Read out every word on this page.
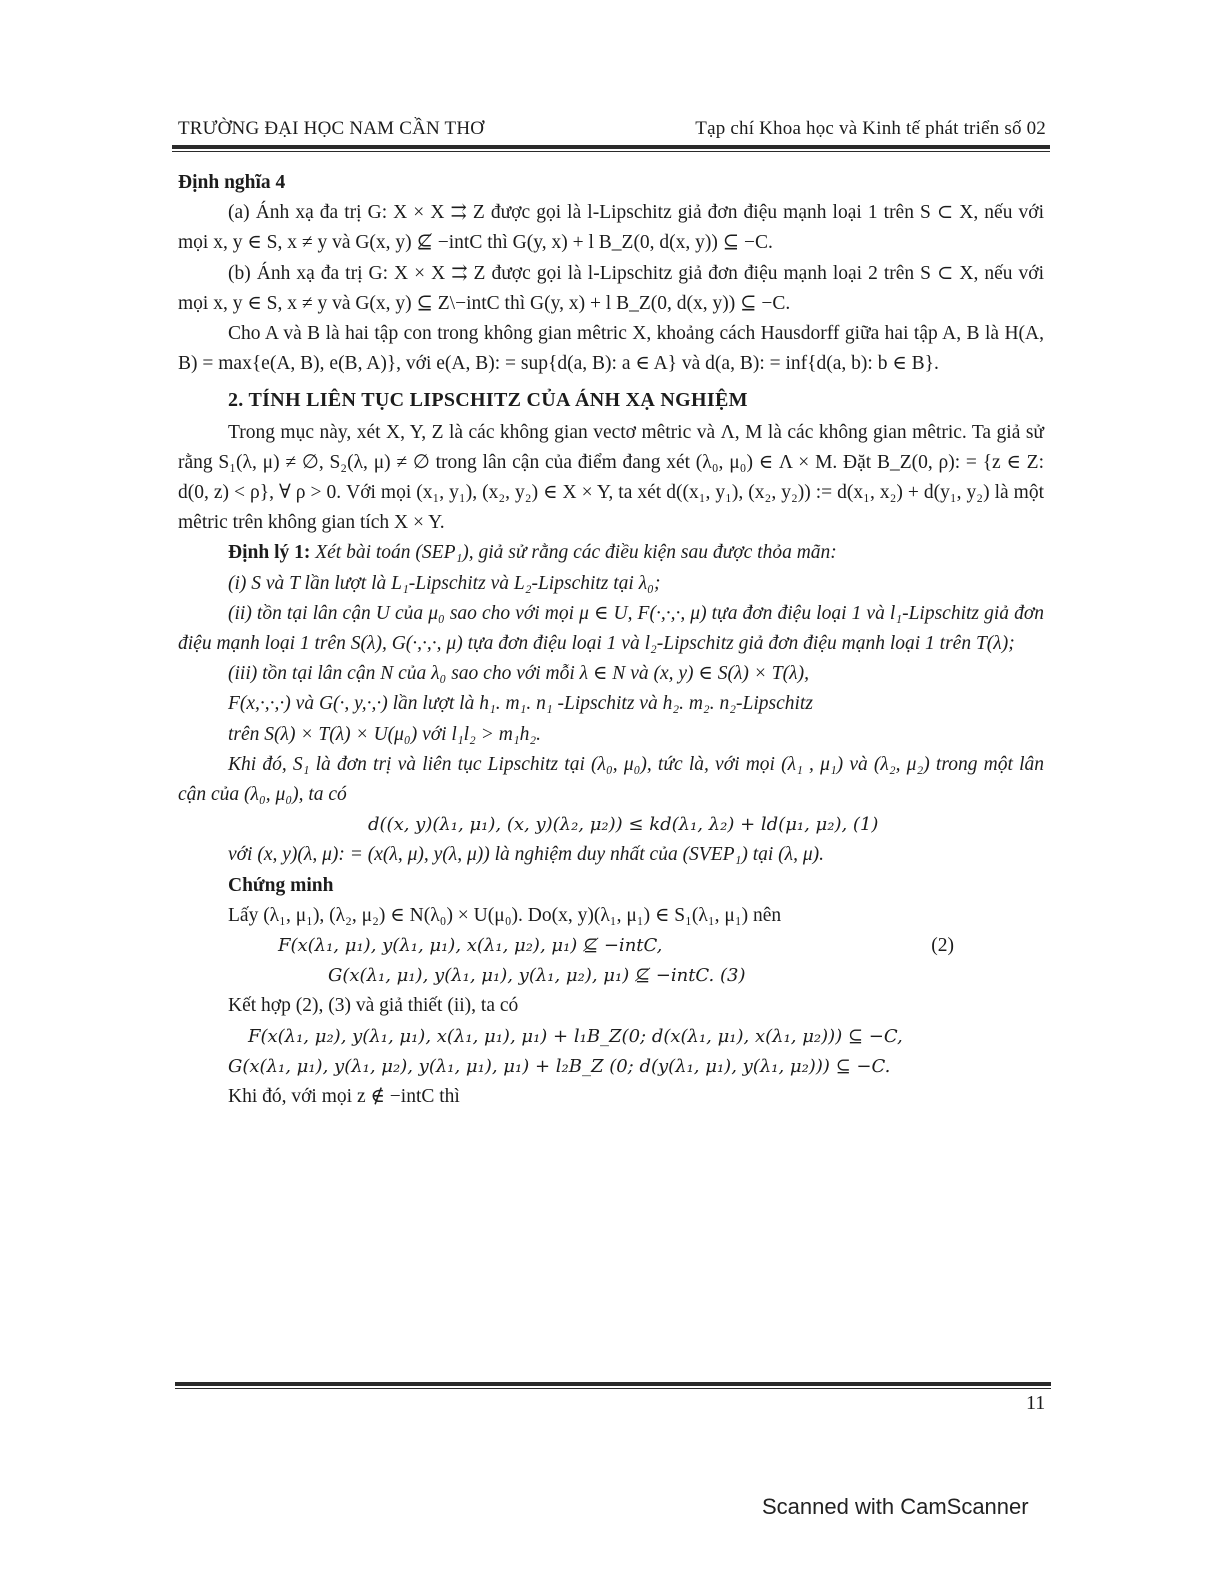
TRƯỜNG ĐẠI HỌC NAM CẦN THƠ	Tạp chí Khoa học và Kinh tế phát triển số 02

Định nghĩa 4

(a) Ánh xạ đa trị G: X × X ⇉ Z được gọi là l-Lipschitz giả đơn điệu mạnh loại 1 trên S ⊂ X, nếu với mọi x, y ∈ S, x ≠ y và G(x, y) ⊈ −intC thì G(y, x) + l B_Z(0, d(x, y)) ⊆ −C.

(b) Ánh xạ đa trị G: X × X ⇉ Z được gọi là l-Lipschitz giả đơn điệu mạnh loại 2 trên S ⊂ X, nếu với mọi x, y ∈ S, x ≠ y và G(x, y) ⊆ Z\−intC thì G(y, x) + l B_Z(0, d(x, y)) ⊆ −C.

Cho A và B là hai tập con trong không gian mêtric X, khoảng cách Hausdorff giữa hai tập A, B là H(A, B) = max{e(A, B), e(B, A)}, với e(A, B): = sup{d(a, B): a ∈ A} và d(a, B): = inf{d(a, b): b ∈ B}.

2. TÍNH LIÊN TỤC LIPSCHITZ CỦA ÁNH XẠ NGHIỆM

Trong mục này, xét X, Y, Z là các không gian vectơ mêtric và Λ, M là các không gian mêtric. Ta giả sử rằng S₁(λ, μ) ≠ ∅, S₂(λ, μ) ≠ ∅ trong lân cận của điểm đang xét (λ₀, μ₀) ∈ Λ × M. Đặt B_Z(0, ρ): = {z ∈ Z: d(0, z) < ρ}, ∀ ρ > 0. Với mọi (x₁, y₁), (x₂, y₂) ∈ X × Y, ta xét d((x₁, y₁), (x₂, y₂)) := d(x₁, x₂) + d(y₁, y₂) là một mêtric trên không gian tích X × Y.

Định lý 1: Xét bài toán (SEP₁), giả sử rằng các điều kiện sau được thỏa mãn:

(i) S và T lần lượt là L₁-Lipschitz và L₂-Lipschitz tại λ₀;

(ii) tồn tại lân cận U của μ₀ sao cho với mọi μ ∈ U, F(·,·,·, μ) tựa đơn điệu loại 1 và l₁-Lipschitz giả đơn điệu mạnh loại 1 trên S(λ), G(·,·,·, μ) tựa đơn điệu loại 1 và l₂-Lipschitz giả đơn điệu mạnh loại 1 trên T(λ);

(iii) tồn tại lân cận N của λ₀ sao cho với mỗi λ ∈ N và (x, y) ∈ S(λ) × T(λ),

F(x,·,·,·) và G(·, y,·,·) lần lượt là h₁. m₁. n₁ -Lipschitz và h₂. m₂. n₂-Lipschitz

trên S(λ) × T(λ) × U(μ₀) với l₁l₂ > m₁h₂.

Khi đó, S₁ là đơn trị và liên tục Lipschitz tại (λ₀, μ₀), tức là, với mọi (λ₁ , μ₁) và (λ₂, μ₂) trong một lân cận của (λ₀, μ₀), ta có

d((x, y)(λ₁, μ₁), (x, y)(λ₂, μ₂)) ≤ kd(λ₁, λ₂) + ld(μ₁, μ₂), (1)

với (x, y)(λ, μ): = (x(λ, μ), y(λ, μ)) là nghiệm duy nhất của (SVEP₁) tại (λ, μ).

Chứng minh

Lấy (λ₁, μ₁), (λ₂, μ₂) ∈ N(λ₀) × U(μ₀). Do(x, y)(λ₁, μ₁) ∈ S₁(λ₁, μ₁) nên

F(x(λ₁, μ₁), y(λ₁, μ₁), x(λ₁, μ₂), μ₁) ⊈ −intC,	(2)

G(x(λ₁, μ₁), y(λ₁, μ₁), y(λ₁, μ₂), μ₁) ⊈ −intC. (3)

Kết hợp (2), (3) và giả thiết (ii), ta có

F(x(λ₁, μ₂), y(λ₁, μ₁), x(λ₁, μ₁), μ₁) + l₁B_Z(0; d(x(λ₁, μ₁), x(λ₁, μ₂))) ⊆ −C,

G(x(λ₁, μ₁), y(λ₁, μ₂), y(λ₁, μ₁), μ₁) + l₂B_Z (0; d(y(λ₁, μ₁), y(λ₁, μ₂))) ⊆ −C.

Khi đó, với mọi z ∉ −intC thì

11
Scanned with CamScanner
